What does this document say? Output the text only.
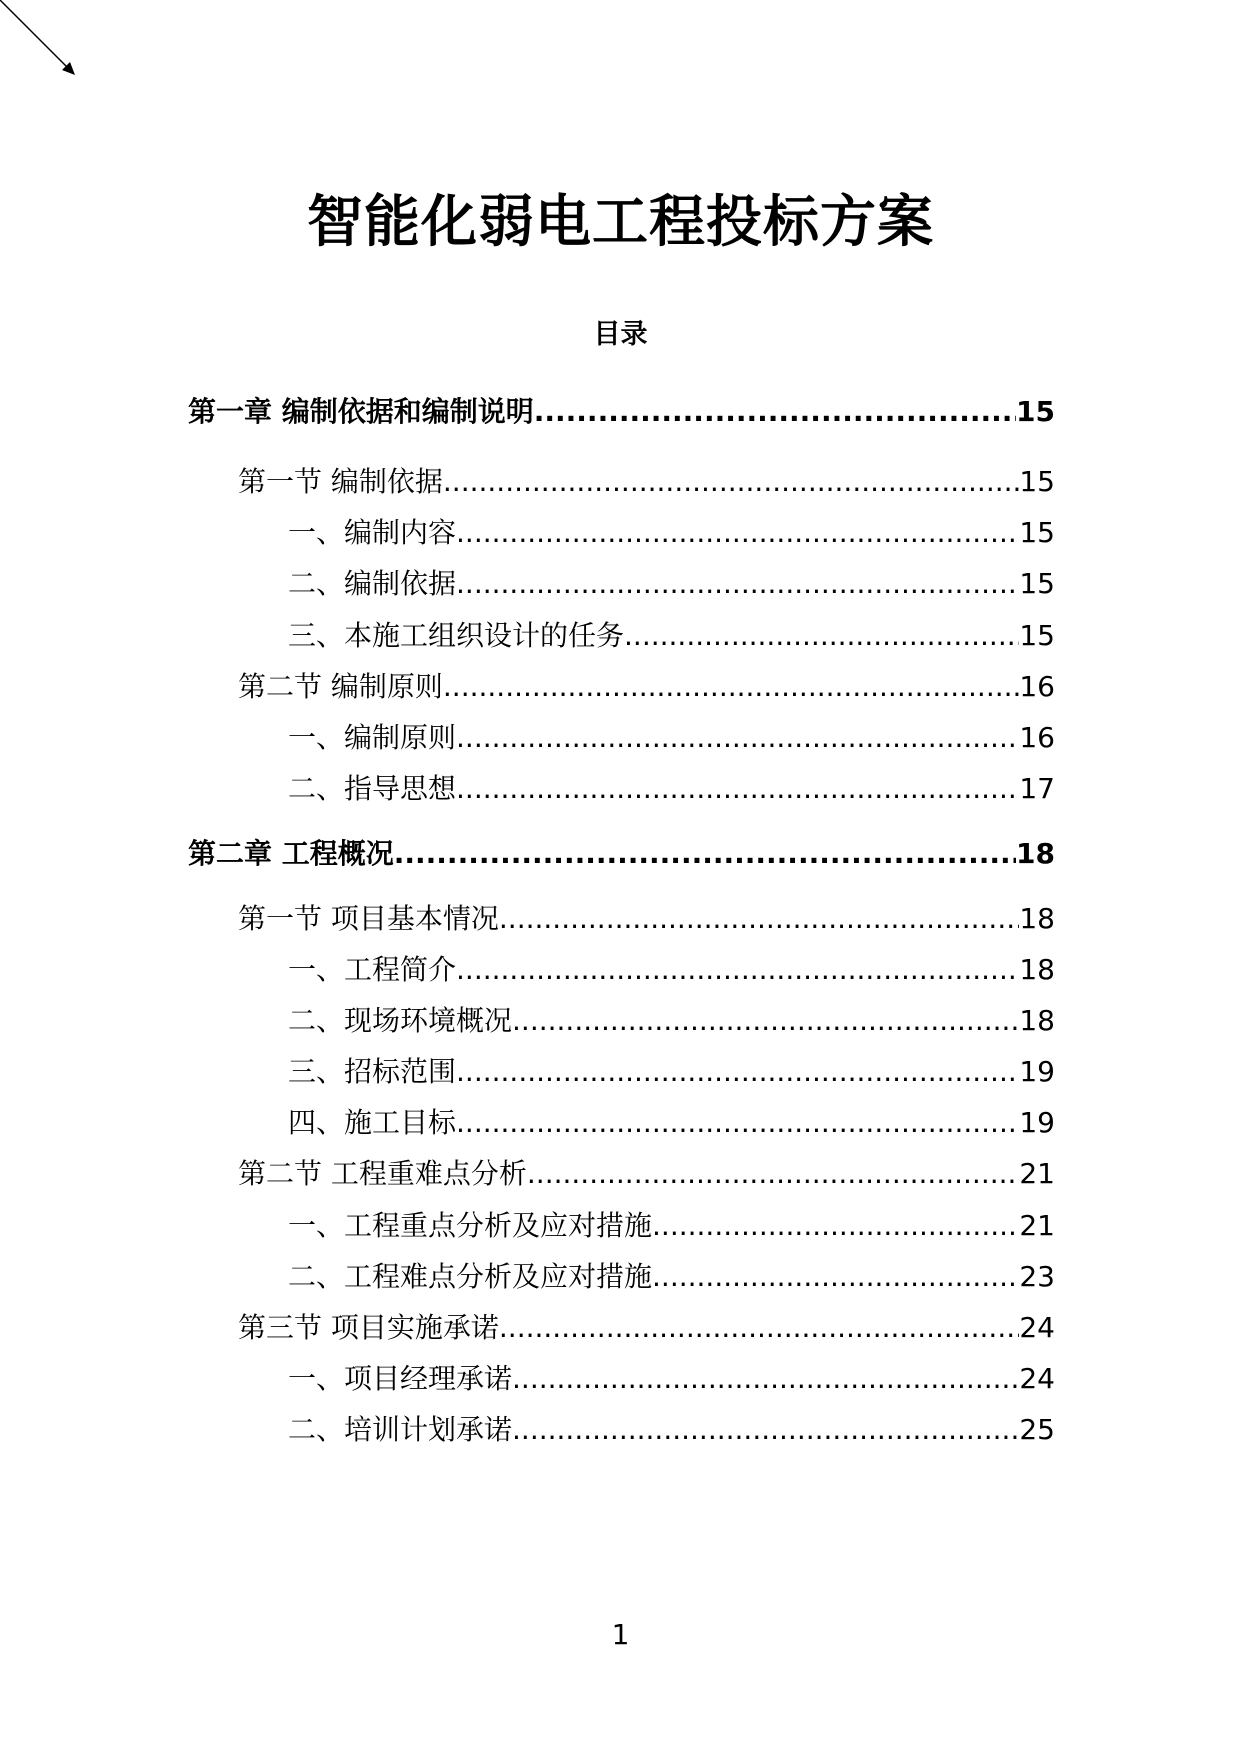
智能化弱电工程投标方案
目录
第一章 编制依据和编制说明 .....	15
第一节 编制依据 .....	15
一、编制内容 .....	15
二、编制依据 .....	15
三、本施工组织设计的任务 .....	15
第二节 编制原则 .....	16
一、编制原则 .....	16
二、指导思想 .....	17
第二章 工程概况 .....	18
第一节 项目基本情况 .....	18
一、工程简介 .....	18
二、现场环境概况 .....	18
三、招标范围 .....	19
四、施工目标 .....	19
第二节 工程重难点分析 .....	21
一、工程重点分析及应对措施 .....	21
二、工程难点分析及应对措施 .....	23
第三节 项目实施承诺 .....	24
一、项目经理承诺 .....	24
二、培训计划承诺 .....	25
1
